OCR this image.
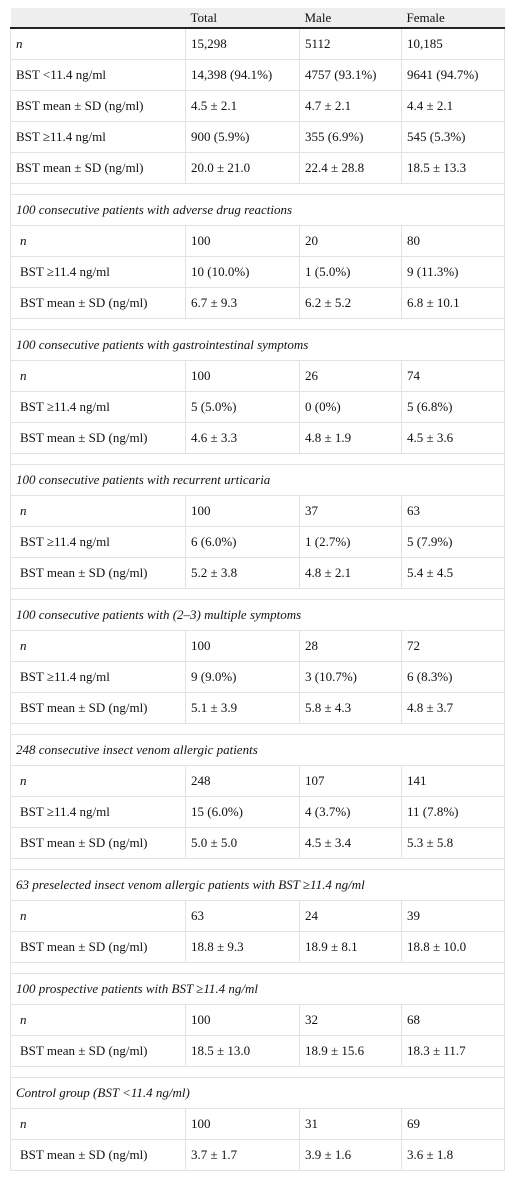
	Total	Male	Female
n	15,298	5112	10,185
BST <11.4 ng/ml	14,398 (94.1%)	4757 (93.1%)	9641 (94.7%)
BST mean ± SD (ng/ml)	4.5 ± 2.1	4.7 ± 2.1	4.4 ± 2.1
BST ≥11.4 ng/ml	900 (5.9%)	355 (6.9%)	545 (5.3%)
BST mean ± SD (ng/ml)	20.0 ± 21.0	22.4 ± 28.8	18.5 ± 13.3

100 consecutive patients with adverse drug reactions			
n	100	20	80
BST ≥11.4 ng/ml	10 (10.0%)	1 (5.0%)	9 (11.3%)
BST mean ± SD (ng/ml)	6.7 ± 9.3	6.2 ± 5.2	6.8 ± 10.1

100 consecutive patients with gastrointestinal symptoms			
n	100	26	74
BST ≥11.4 ng/ml	5 (5.0%)	0 (0%)	5 (6.8%)
BST mean ± SD (ng/ml)	4.6 ± 3.3	4.8 ± 1.9	4.5 ± 3.6

100 consecutive patients with recurrent urticaria			
n	100	37	63
BST ≥11.4 ng/ml	6 (6.0%)	1 (2.7%)	5 (7.9%)
BST mean ± SD (ng/ml)	5.2 ± 3.8	4.8 ± 2.1	5.4 ± 4.5

100 consecutive patients with (2–3) multiple symptoms			
n	100	28	72
BST ≥11.4 ng/ml	9 (9.0%)	3 (10.7%)	6 (8.3%)
BST mean ± SD (ng/ml)	5.1 ± 3.9	5.8 ± 4.3	4.8 ± 3.7

248 consecutive insect venom allergic patients			
n	248	107	141
BST ≥11.4 ng/ml	15 (6.0%)	4 (3.7%)	11 (7.8%)
BST mean ± SD (ng/ml)	5.0 ± 5.0	4.5 ± 3.4	5.3 ± 5.8

63 preselected insect venom allergic patients with BST ≥11.4 ng/ml			
n	63	24	39
BST mean ± SD (ng/ml)	18.8 ± 9.3	18.9 ± 8.1	18.8 ± 10.0

100 prospective patients with BST ≥11.4 ng/ml			
n	100	32	68
BST mean ± SD (ng/ml)	18.5 ± 13.0	18.9 ± 15.6	18.3 ± 11.7

Control group (BST <11.4 ng/ml)			
n	100	31	69
BST mean ± SD (ng/ml)	3.7 ± 1.7	3.9 ± 1.6	3.6 ± 1.8
